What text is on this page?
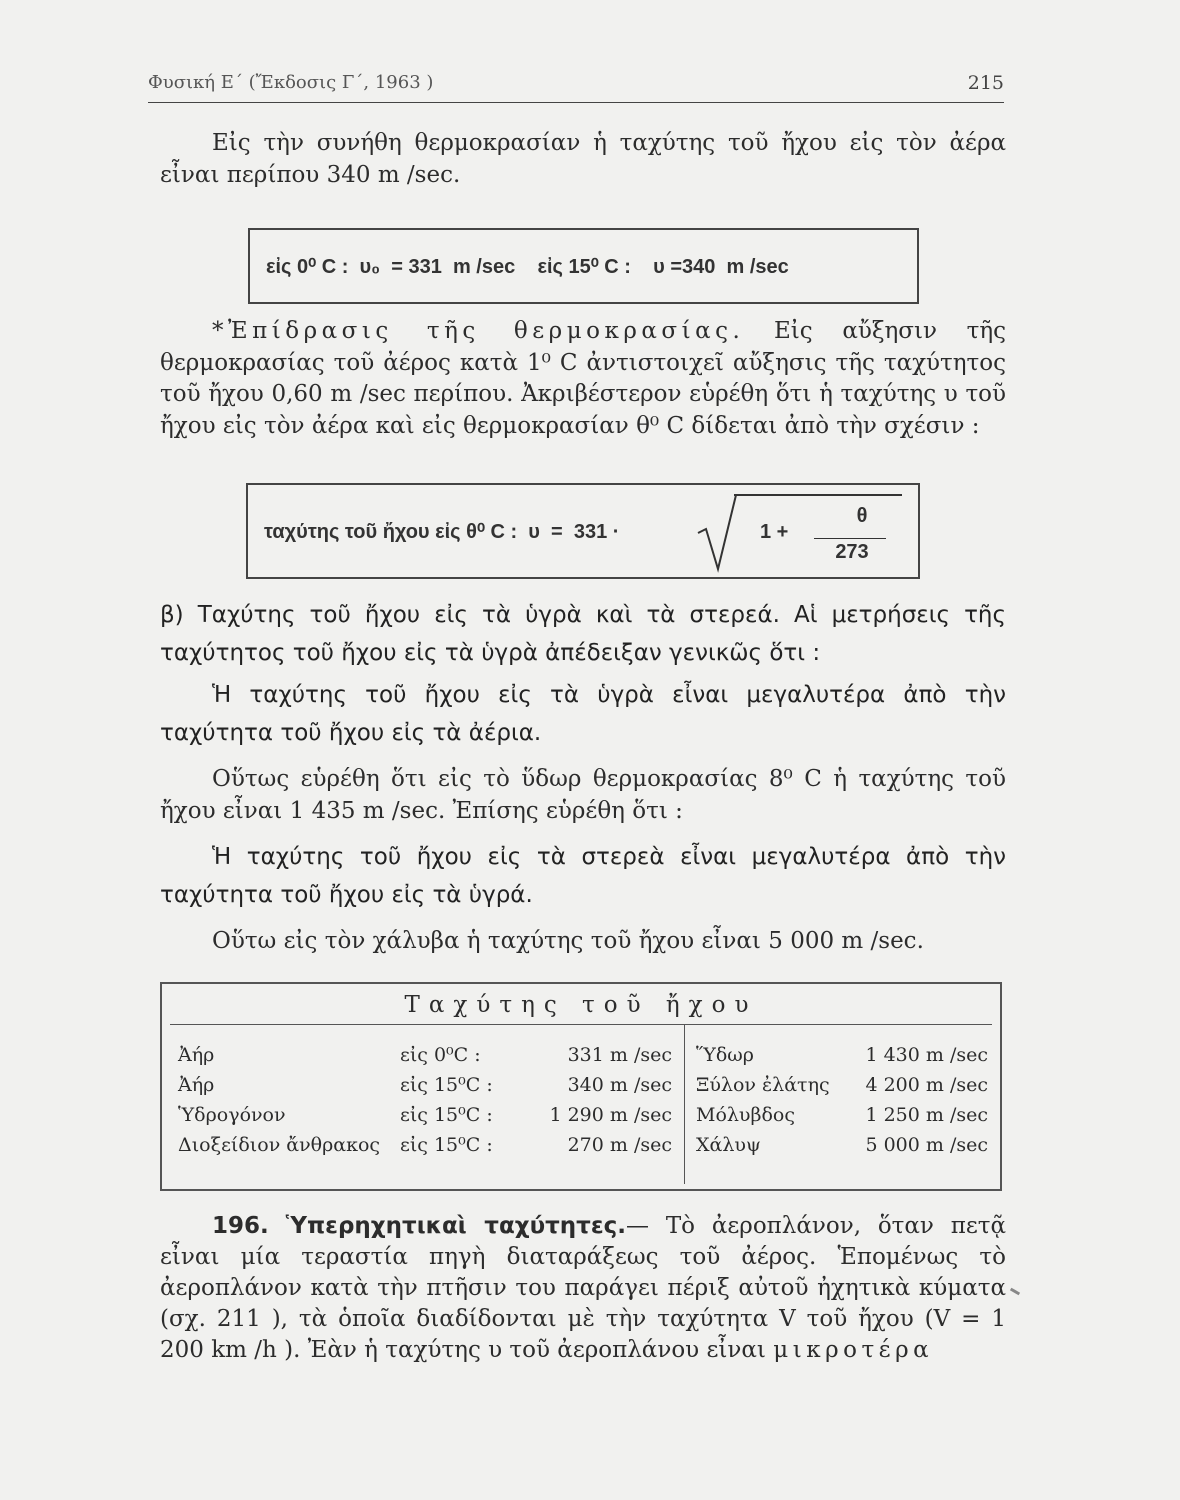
Φυσική Ε΄ (Ἔκδοσις Γ΄, 1963 )	215

Εἰς τὴν συνήθη θερμοκρασίαν ἡ ταχύτης τοῦ ἤχου εἰς τὸν ἀέρα εἶναι περίπου 340 m /sec.

εἰς 0⁰ C :  υ₀  = 331  m /sec    εἰς 15⁰ C :    υ =340  m /sec

*Ἐπίδρασις τῆς θερμοκρασίας. Εἰς αὔξησιν τῆς θερμοκρασίας τοῦ ἀέρος κατὰ 1⁰ C ἀντιστοιχεῖ αὔξησις τῆς ταχύτητος τοῦ ἤχου 0,60 m /sec περίπου. Ἀκριβέστερον εὑρέθη ὅτι ἡ ταχύτης υ τοῦ ἤχου εἰς τὸν ἀέρα καὶ εἰς θερμοκρασίαν θ⁰ C δίδεται ἀπὸ τὴν σχέσιν :

ταχύτης τοῦ ἤχου εἰς θ⁰ C :  υ  =  331 ·	1 +
θ
273

β) Ταχύτης τοῦ ἤχου εἰς τὰ ὑγρὰ καὶ τὰ στερεά. Αἱ μετρήσεις τῆς ταχύτητος τοῦ ἤχου εἰς τὰ ὑγρὰ ἀπέδειξαν γενικῶς ὅτι :

Ἡ ταχύτης τοῦ ἤχου εἰς τὰ ὑγρὰ εἶναι μεγαλυτέρα ἀπὸ τὴν ταχύτητα τοῦ ἤχου εἰς τὰ ἀέρια.

Οὕτως εὑρέθη ὅτι εἰς τὸ ὕδωρ θερμοκρασίας 8⁰ C ἡ ταχύτης τοῦ ἤχου εἶναι 1 435 m /sec. Ἐπίσης εὑρέθη ὅτι :

Ἡ ταχύτης τοῦ ἤχου εἰς τὰ στερεὰ εἶναι μεγαλυτέρα ἀπὸ τὴν ταχύτητα τοῦ ἤχου εἰς τὰ ὑγρά.

Οὕτω εἰς τὸν χάλυβα ἡ ταχύτης τοῦ ἤχου εἶναι 5 000 m /sec.

Ταχύτης τοῦ ἤχου
Ἀήρ	εἰς 0⁰C :	331 m /sec Ὕδωρ	1 430 m /sec
Ἀήρ	εἰς 15⁰C :	340 m /sec Ξύλον ἐλάτης	4 200 m /sec
Ὑδρογόνον	εἰς 15⁰C :	1 290 m /sec Μόλυβδος	1 250 m /sec
Διοξείδιον ἄνθρακος εἰς 15⁰C :	270 m /sec Χάλυψ	5 000 m /sec

196. Ὑπερηχητικαὶ ταχύτητες.— Τὸ ἀεροπλάνον, ὅταν πετᾷ εἶναι μία τεραστία πηγὴ διαταράξεως τοῦ ἀέρος. Ἑπομένως τὸ ἀεροπλάνον κατὰ τὴν πτῆσιν του παράγει πέριξ αὐτοῦ ἠχητικὰ κύματα (σχ. 211 ), τὰ ὁποῖα διαδίδονται μὲ τὴν ταχύτητα V τοῦ ἤχου (V = 1 200 km /h ). Ἐὰν ἡ ταχύτης υ τοῦ ἀεροπλάνου εἶναι μικροτέρα
